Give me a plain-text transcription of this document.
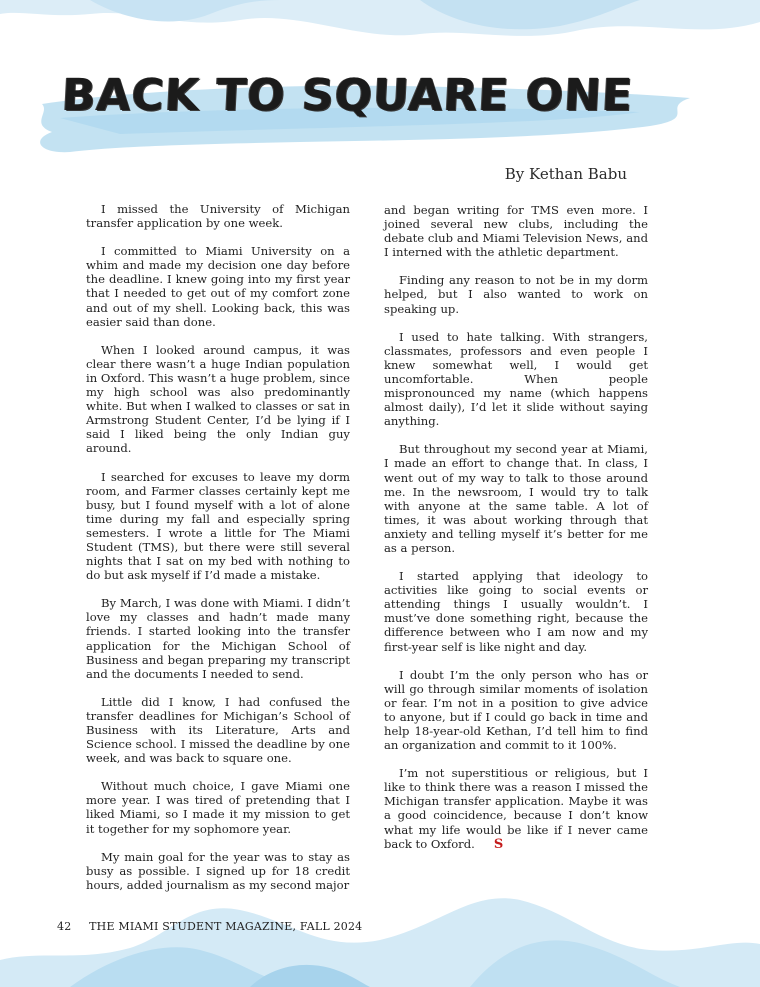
BACK TO SQUARE ONE
By Kethan Babu

I missed the University of Michigan transfer application by one week.

I committed to Miami University on a whim and made my decision one day before the deadline. I knew going into my first year that I needed to get out of my comfort zone and out of my shell. Looking back, this was easier said than done.

When I looked around campus, it was clear there wasn’t a huge Indian population in Oxford. This wasn’t a huge problem, since my high school was also predominantly white. But when I walked to classes or sat in Armstrong Student Center, I’d be lying if I said I liked being the only Indian guy around.

I searched for excuses to leave my dorm room, and Farmer classes certainly kept me busy, but I found myself with a lot of alone time during my fall and especially spring semesters. I wrote a little for The Miami Student (TMS), but there were still several nights that I sat on my bed with nothing to do but ask myself if I’d made a mistake.

By March, I was done with Miami. I didn’t love my classes and hadn’t made many friends. I started looking into the transfer application for the Michigan School of Business and began preparing my transcript and the documents I needed to send.

Little did I know, I had confused the transfer deadlines for Michigan’s School of Business with its Literature, Arts and Science school. I missed the deadline by one week, and was back to square one.

Without much choice, I gave Miami one more year. I was tired of pretending that I liked Miami, so I made it my mission to get it together for my sophomore year.

My main goal for the year was to stay as busy as possible. I signed up for 18 credit hours, added journalism as my second major

and began writing for TMS even more. I joined several new clubs, including the debate club and Miami Television News, and I interned with the athletic department.

Finding any reason to not be in my dorm helped, but I also wanted to work on speaking up.

I used to hate talking. With strangers, classmates, professors and even people I knew somewhat well, I would get uncomfortable. When people mispronounced my name (which happens almost daily), I’d let it slide without saying anything.

But throughout my second year at Miami, I made an effort to change that. In class, I went out of my way to talk to those around me. In the newsroom, I would try to talk with anyone at the same table. A lot of times, it was about working through that anxiety and telling myself it’s better for me as a person.

I started applying that ideology to activities like going to social events or attending things I usually wouldn’t. I must’ve done something right, because the difference between who I am now and my first-year self is like night and day.

I doubt I’m the only person who has or will go through similar moments of isolation or fear. I’m not in a position to give advice to anyone, but if I could go back in time and help 18-year-old Kethan, I’d tell him to find an organization and commit to it 100%.

I’m not superstitious or religious, but I like to think there was a reason I missed the Michigan transfer application. Maybe it was a good coincidence, because I don’t know what my life would be like if I never came back to Oxford. S

42 THE MIAMI STUDENT MAGAZINE, FALL 2024
